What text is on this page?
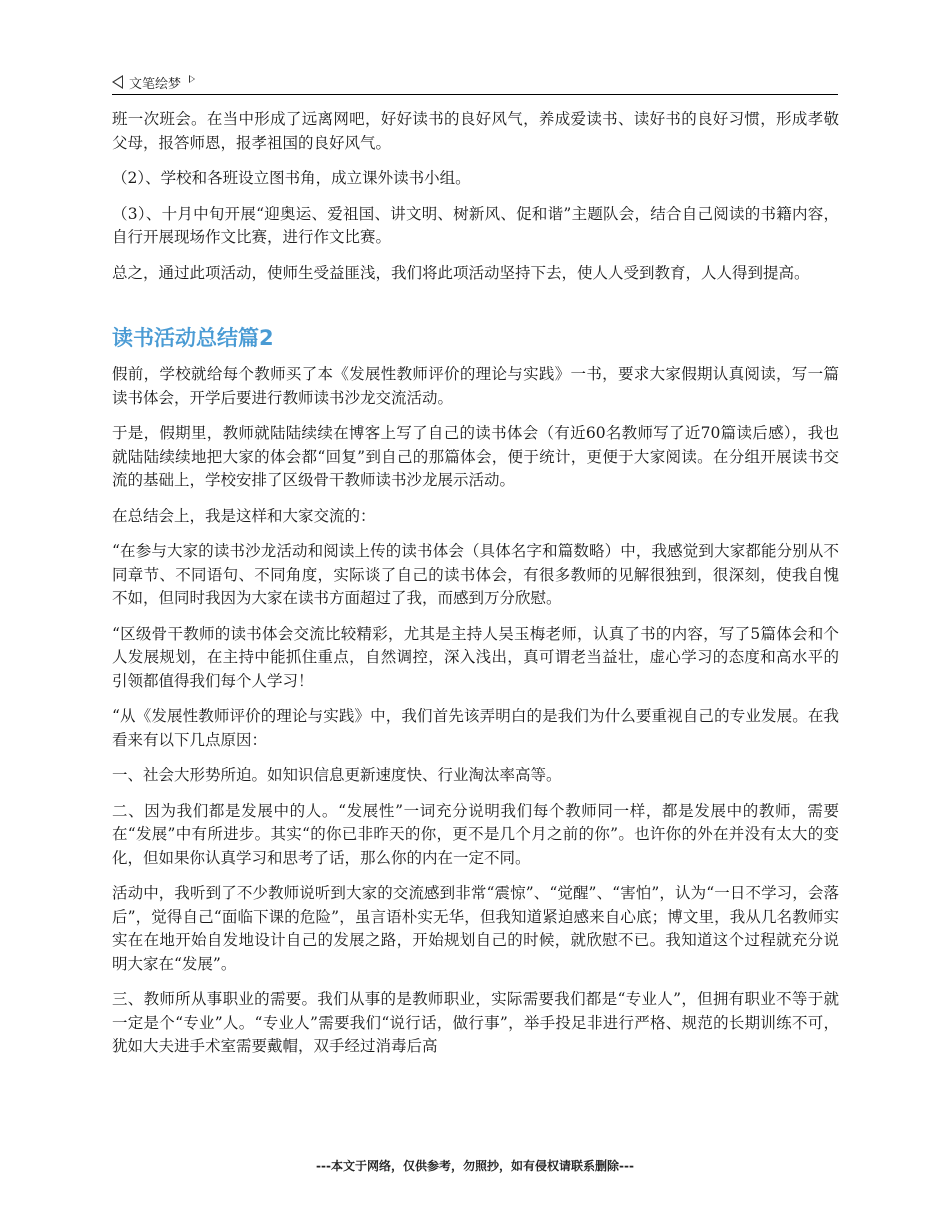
文笔绘梦

班一次班会。在当中形成了远离网吧，好好读书的良好风气，养成爱读书、读好书的良好习惯，形成孝敬父母，报答师恩，报孝祖国的良好风气。

（2）、学校和各班设立图书角，成立课外读书小组。

（3）、十月中旬开展“迎奥运、爱祖国、讲文明、树新风、促和谐”主题队会，结合自己阅读的书籍内容，自行开展现场作文比赛，进行作文比赛。

总之，通过此项活动，使师生受益匪浅，我们将此项活动坚持下去，使人人受到教育，人人得到提高。

读书活动总结篇2

假前，学校就给每个教师买了本《发展性教师评价的理论与实践》一书，要求大家假期认真阅读，写一篇读书体会，开学后要进行教师读书沙龙交流活动。

于是，假期里，教师就陆陆续续在博客上写了自己的读书体会（有近60名教师写了近70篇读后感），我也就陆陆续续地把大家的体会都“回复”到自己的那篇体会，便于统计，更便于大家阅读。在分组开展读书交流的基础上，学校安排了区级骨干教师读书沙龙展示活动。

在总结会上，我是这样和大家交流的：

“在参与大家的读书沙龙活动和阅读上传的读书体会（具体名字和篇数略）中，我感觉到大家都能分别从不同章节、不同语句、不同角度，实际谈了自己的读书体会，有很多教师的见解很独到，很深刻，使我自愧不如，但同时我因为大家在读书方面超过了我，而感到万分欣慰。

“区级骨干教师的读书体会交流比较精彩，尤其是主持人吴玉梅老师，认真了书的内容，写了5篇体会和个人发展规划，在主持中能抓住重点，自然调控，深入浅出，真可谓老当益壮，虚心学习的态度和高水平的引领都值得我们每个人学习！

“从《发展性教师评价的理论与实践》中，我们首先该弄明白的是我们为什么要重视自己的专业发展。在我看来有以下几点原因：

一、社会大形势所迫。如知识信息更新速度快、行业淘汰率高等。

二、因为我们都是发展中的人。“发展性”一词充分说明我们每个教师同一样，都是发展中的教师，需要在“发展”中有所进步。其实“的你已非昨天的你，更不是几个月之前的你”。也许你的外在并没有太大的变化，但如果你认真学习和思考了话，那么你的内在一定不同。

活动中，我听到了不少教师说听到大家的交流感到非常“震惊”、“觉醒”、“害怕”，认为“一日不学习，会落后”，觉得自己“面临下课的危险”，虽言语朴实无华，但我知道紧迫感来自心底；博文里，我从几名教师实实在在地开始自发地设计自己的发展之路，开始规划自己的时候，就欣慰不已。我知道这个过程就充分说明大家在“发展”。

三、教师所从事职业的需要。我们从事的是教师职业，实际需要我们都是“专业人”，但拥有职业不等于就一定是个“专业”人。“专业人”需要我们“说行话，做行事”，举手投足非进行严格、规范的长期训练不可，犹如大夫进手术室需要戴帽，双手经过消毒后高

---本文于网络，仅供参考，勿照抄，如有侵权请联系删除---
